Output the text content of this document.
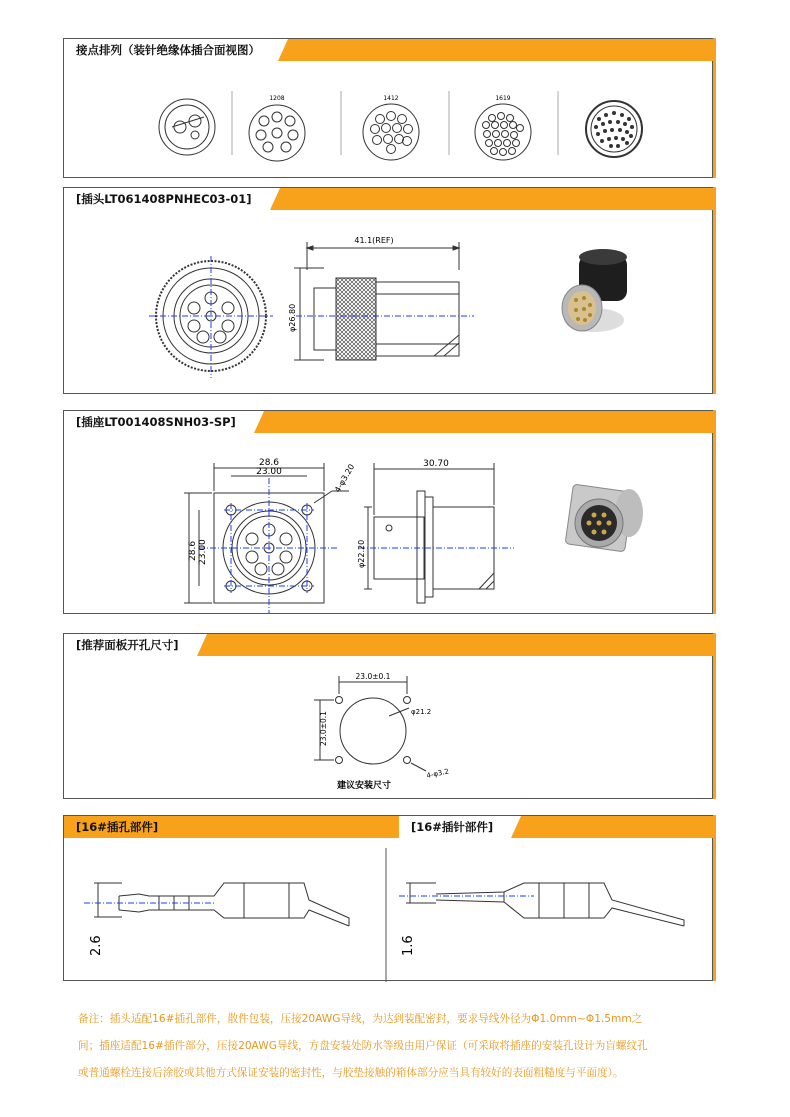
接点排列（装针绝缘体插合面视图）
1208	1412	1619
[插头LT061408PNHEC03-01]
41.1(REF)
φ26.80
[插座LT001408SNH03-SP]
28.6
23.00	4-φ3.20
28.6 23.00
30.70
φ22.20
[推荐面板开孔尺寸]
23.0±0.1
23.0±0.1	φ21.2
4-φ3.2
建议安装尺寸
[16#插孔部件]	[16#插针部件]
2.6	1.6
备注：插头适配16#插孔部件，散件包装，压接20AWG导线，为达到装配密封，要求导线外径为Φ1.0mm~Φ1.5mm之
间；插座适配16#插件部分，压接20AWG导线，方盘安装处防水等级由用户保证（可采取将插座的安装孔设计为盲螺纹孔
或普通螺栓连接后涂胶或其他方式保证安装的密封性，与胶垫接触的箱体部分应当具有较好的表面粗糙度与平面度）。
